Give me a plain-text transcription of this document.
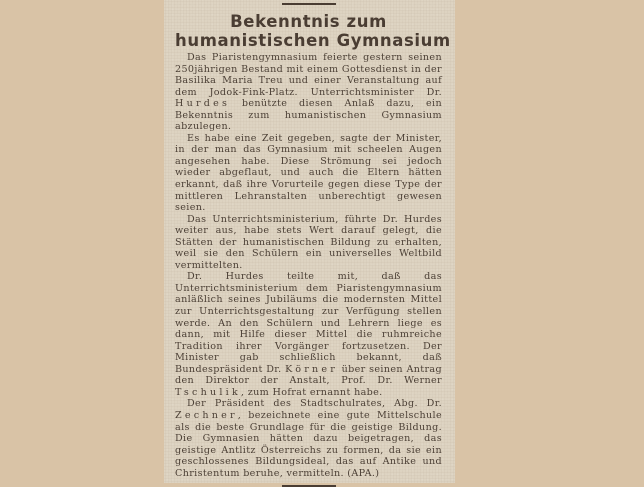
Bekenntnis zum
humanistischen Gymnasium

Das Piaristengymnasium feierte gestern seinen 250jährigen Bestand mit einem Gottesdienst in der Basilika Maria Treu und einer Veranstaltung auf dem Jodok-Fink-Platz. Unterrichtsminister Dr. Hurdes benützte diesen Anlaß dazu, ein Bekenntnis zum humanistischen Gymnasium abzulegen.

Es habe eine Zeit gegeben, sagte der Minister, in der man das Gymnasium mit scheelen Augen angesehen habe. Diese Strömung sei jedoch wieder abgeflaut, und auch die Eltern hätten erkannt, daß ihre Vorurteile gegen diese Type der mittleren Lehranstalten unberechtigt gewesen seien.

Das Unterrichtsministerium, führte Dr. Hurdes weiter aus, habe stets Wert darauf gelegt, die Stätten der humanistischen Bildung zu erhalten, weil sie den Schülern ein universelles Weltbild vermittelten.

Dr. Hurdes teilte mit, daß das Unterrichtsministerium dem Piaristengymnasium anläßlich seines Jubiläums die modernsten Mittel zur Unterrichtsgestaltung zur Verfügung stellen werde. An den Schülern und Lehrern liege es dann, mit Hilfe dieser Mittel die ruhmreiche Tradition ihrer Vorgänger fortzusetzen. Der Minister gab schließlich bekannt, daß Bundespräsident Dr. Körner über seinen Antrag den Direktor der Anstalt, Prof. Dr. Werner Tschulik, zum Hofrat ernannt habe.

Der Präsident des Stadtschulrates, Abg. Dr. Zechner, bezeichnete eine gute Mittelschule als die beste Grundlage für die geistige Bildung. Die Gymnasien hätten dazu beigetragen, das geistige Antlitz Österreichs zu formen, da sie ein geschlossenes Bildungsideal, das auf Antike und Christentum beruhe, vermitteln. (APA.)
